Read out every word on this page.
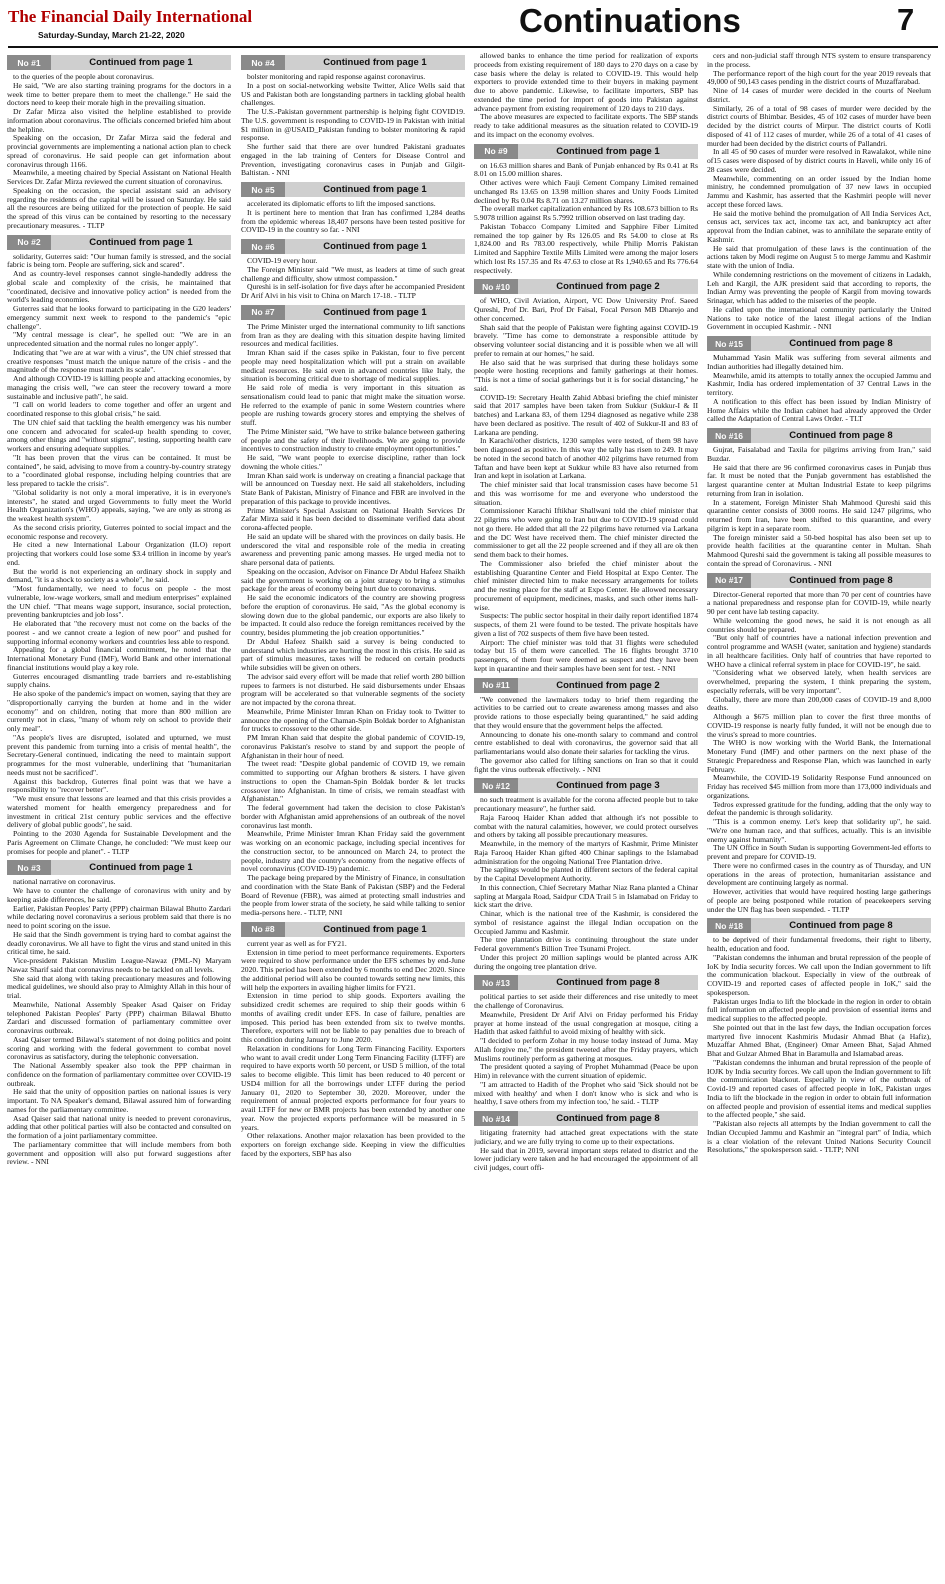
The Financial Daily International
Saturday-Sunday, March 21-22, 2020	Continuations	7
No #1	Continued from page 1

to the queries of the people about coronavirus.

He said, "We are also starting training programs for the doctors in a week time to better prepare them to meet the challenge." He said the doctors need to keep their morale high in the prevailing situation.

Dr Zafar Mirza also visited the helpline established to provide information about coronavirus. The officials concerned briefed him about the helpline.

Speaking on the occasion, Dr Zafar Mirza said the federal and provincial governments are implementing a national action plan to check spread of coronavirus. He said people can get information about coronavirus through 1166.

Meanwhile, a meeting chaired by Special Assistant on National Health Services Dr. Zafar Mirza reviewed the current situation of coronavirus.

Speaking on the occasion, the special assistant said an advisory regarding the residents of the capital will be issued on Saturday. He said all the resources are being utilized for the protection of people. He said the spread of this virus can be contained by resorting to the necessary precautionary measures. - TLTP

No #2	Continued from page 1

solidarity, Guterres said: "Our human family is stressed, and the social fabric is being torn. People are suffering, sick and scared".

And as country-level responses cannot single-handedly address the global scale and complexity of the crisis, he maintained that "coordinated, decisive and innovative policy action" is needed from the world's leading economies.

Guterres said that he looks forward to participating in the G20 leaders' emergency summit next week to respond to the pandemic's "epic challenge".

"My central message is clear", he spelled out: "We are in an unprecedented situation and the normal rules no longer apply".

Indicating that "we are at war with a virus", the UN chief stressed that creative responses "must match the unique nature of the crisis - and the magnitude of the response must match its scale".

And although COVID-19 is killing people and attacking economies, by managing the crisis well, "we can steer the recovery toward a more sustainable and inclusive path", he said.

"I call on world leaders to come together and offer an urgent and coordinated response to this global crisis," he said.

The UN chief said that tackling the health emergency was his number one concern and advocated for scaled-up health spending to cover, among other things and "without stigma", testing, supporting health care workers and ensuring adequate supplies.

"It has been proven that the virus can be contained. It must be contained", he said, advising to move from a country-by-country strategy to a "coordinated global response, including helping countries that are less prepared to tackle the crisis".

"Global solidarity is not only a moral imperative, it is in everyone's interests", he stated and urged Governments to fully meet the World Health Organization's (WHO) appeals, saying, "we are only as strong as the weakest health system".

As the second crisis priority, Guterres pointed to social impact and the economic response and recovery.

He cited a new International Labour Organization (ILO) report projecting that workers could lose some $3.4 trillion in income by year's end.

But the world is not experiencing an ordinary shock in supply and demand, "it is a shock to society as a whole", he said.

"Most fundamentally, we need to focus on people - the most vulnerable, low-wage workers, small and medium enterprises" explained the UN chief. "That means wage support, insurance, social protection, preventing bankruptcies and job loss".

He elaborated that "the recovery must not come on the backs of the poorest - and we cannot create a legion of new poor" and pushed for supporting informal economy workers and countries less able to respond.

Appealing for a global financial commitment, he noted that the International Monetary Fund (IMF), World Bank and other international financial institutions would play a key role.

Guterres encouraged dismantling trade barriers and re-establishing supply chains.

He also spoke of the pandemic's impact on women, saying that they are "disproportionally carrying the burden at home and in the wider economy" and on children, noting that more than 800 million are currently not in class, "many of whom rely on school to provide their only meal".

"As people's lives are disrupted, isolated and upturned, we must prevent this pandemic from turning into a crisis of mental health", the Secretary-General continued, indicating the need to maintain support programmes for the most vulnerable, underlining that "humanitarian needs must not be sacrificed".

Against this backdrop, Guterres final point was that we have a responsibility to "recover better".

"We must ensure that lessons are learned and that this crisis provides a watershed moment for health emergency preparedness and for investment in critical 21st century public services and the effective delivery of global public goods", he said.

Pointing to the 2030 Agenda for Sustainable Development and the Paris Agreement on Climate Change, he concluded: "We must keep our promises for people and planet". - TLTP

No #3	Continued from page 1

national narrative on coronavirus.

We have to counter the challenge of coronavirus with unity and by keeping aside differences, he said.

Earlier, Pakistan Peoples' Party (PPP) chairman Bilawal Bhutto Zardari while declaring novel coronavirus a serious problem said that there is no need to point scoring on the issue.

He said that the Sindh government is trying hard to combat against the deadly coronavirus. We all have to fight the virus and stand united in this critical time, he said.

Vice-president Pakistan Muslim League-Nawaz (PML-N) Maryam Nawaz Sharif said that coronavirus needs to be tackled on all levels.

She said that along with taking precautionary measures and following medical guidelines, we should also pray to Almighty Allah in this hour of trial.

Meanwhile, National Assembly Speaker Asad Qaiser on Friday telephoned Pakistan Peoples' Party (PPP) chairman Bilawal Bhutto Zardari and discussed formation of parliamentary committee over coronavirus outbreak.

Asad Qaiser termed Bilawal's statement of not doing politics and point scoring and working with the federal government to combat novel coronavirus as satisfactory, during the telephonic conversation.

The National Assembly speaker also took the PPP chairman in confidence on the formation of parliamentary committee over COVID-19 outbreak.

He said that the unity of opposition parties on national issues is very important. To NA Speaker's demand, Bilawal assured him of forwarding names for the parliamentary committee.

Asad Qaiser said that national unity is needed to prevent coronavirus, adding that other political parties will also be contacted and consulted on the formation of a joint parliamentary committee.

The parliamentary committee that will include members from both government and opposition will also put forward suggestions after review. - NNI

No #4	Continued from page 1

bolster monitoring and rapid response against coronavirus.

In a post on social-networking website Twitter, Alice Wells said that US and Pakistan both are longstanding partners in tackling global health challenges.

The U.S.-Pakistan government partnership is helping fight COVID19. The U.S. government is responding to COVID-19 in Pakistan with initial $1 million in @USAID_Pakistan funding to bolster monitoring & rapid response.

She further said that there are over hundred Pakistani graduates engaged in the lab training of Centers for Disease Control and Prevention, investigating coronavirus cases in Punjab and Gilgit-Baltistan. - NNI

No #5	Continued from page 1

accelerated its diplomatic efforts to lift the imposed sanctions.

It is pertinent here to mention that Iran has confirmed 1,284 deaths from the epidemic whereas 18,407 persons have been tested positive for COVID-19 in the country so far. - NNI

No #6	Continued from page 1

COVID-19 every hour.

The Foreign Minister said "We must, as leaders at time of such great challenge and difficulty, show utmost compassion."

Qureshi is in self-isolation for five days after he accompanied President Dr Arif Alvi in his visit to China on March 17-18. - TLTP

No #7	Continued from page 1

The Prime Minister urged the international community to lift sanctions from Iran as they are dealing with this situation despite having limited resources and medical facilities.

Imran Khan said if the cases spike in Pakistan, four to five percent people may need hospitalization which will put a strain on available medical resources. He said even in advanced countries like Italy, the situation is becoming critical due to shortage of medical supplies.

He said role of media is very important in this situation as sensationalism could lead to panic that might make the situation worse. He referred to the example of panic in some Western countries where people are rushing towards grocery stores and emptying the shelves of stuff.

The Prime Minister said, "We have to strike balance between gathering of people and the safety of their livelihoods. We are going to provide incentives to construction industry to create employment opportunities."

He said, "We want people to exercise discipline, rather than lock downing the whole cities."

Imran Khan said work is underway on creating a financial package that will be announced on Tuesday next. He said all stakeholders, including State Bank of Pakistan, Ministry of Finance and FBR are involved in the preparation of this package to provide incentives.

Prime Minister's Special Assistant on National Health Services Dr Zafar Mirza said it has been decided to disseminate verified data about corona-affected people.

He said an update will be shared with the provinces on daily basis. He underscored the vital and responsible role of the media in creating awareness and preventing panic among masses. He urged media not to share personal data of patients.

Speaking on the occasion, Advisor on Finance Dr Abdul Hafeez Shaikh said the government is working on a joint strategy to bring a stimulus package for the areas of economy being hurt due to coronavirus.

He said the economic indicators of the country are showing progress before the eruption of coronavirus. He said, "As the global economy is slowing down due to the global pandemic, our exports are also likely to be impacted. It could also reduce the foreign remittances received by the country, besides plummeting the job creation opportunities."

Dr Abdul Hafeez Shaikh said a survey is being conducted to understand which industries are hurting the most in this crisis. He said as part of stimulus measures, taxes will be reduced on certain products while subsidies will be given on others.

The advisor said every effort will be made that relief worth 280 billion rupees to farmers is not disturbed. He said disbursements under Ehsaas program will be accelerated so that vulnerable segments of the society are not impacted by the corona threat.

Meanwhile, Prime Minister Imran Khan on Friday took to Twitter to announce the opening of the Chaman-Spin Boldak border to Afghanistan for trucks to crossover to the other side.

PM Imran Khan said that despite the global pandemic of COVID-19, coronavirus Pakistan's resolve to stand by and support the people of Afghanistan in their hour of need.

The tweet read: "Despite global pandemic of COVID 19, we remain committed to supporting our Afghan brothers & sisters. I have given instructions to open the Chaman-Spin Boldak border & let trucks crossover into Afghanistan. In time of crisis, we remain steadfast with Afghanistan."

The federal government had taken the decision to close Pakistan's border with Afghanistan amid apprehensions of an outbreak of the novel coronavirus last month.

Meanwhile, Prime Minister Imran Khan Friday said the government was working on an economic package, including special incentives for the construction sector, to be announced on March 24, to protect the people, industry and the country's economy from the negative effects of novel coronavirus (COVID-19) pandemic.

The package being prepared by the Ministry of Finance, in consultation and coordination with the State Bank of Pakistan (SBP) and the Federal Board of Revenue (FBR), was aimed at protecting small industries and the people from lower strata of the society, he said while talking to senior media-persons here. - TLTP, NNI

No #8	Continued from page 1

current year as well as for FY21.

Extension in time period to meet performance requirements. Exporters were required to show performance under the EFS schemes by end-June 2020. This period has been extended by 6 months to end Dec 2020. Since the additional period will also be counted towards setting new limits, this will help the exporters in availing higher limits for FY21.

Extension in time period to ship goods. Exporters availing the subsidized credit schemes are required to ship their goods within 6 months of availing credit under EFS. In case of failure, penalties are imposed. This period has been extended from six to twelve months. Therefore, exporters will not be liable to pay penalties due to breach of this condition during January to June 2020.

Relaxation in conditions for Long Term Financing Facility. Exporters who want to avail credit under Long Term Financing Facility (LTFF) are required to have exports worth 50 percent, or USD 5 million, of the total sales to become eligible. This limit has been reduced to 40 percent or USD4 million for all the borrowings under LTFF during the period January 01, 2020 to September 30, 2020. Moreover, under the requirement of annual projected exports performance for four years to avail LTFF for new or BMR projects has been extended by another one year. Now the projected exports performance will be measured in 5 years.

Other relaxations. Another major relaxation has been provided to the exporters on foreign exchange side. Keeping in view the difficulties faced by the exporters, SBP has also

allowed banks to enhance the time period for realization of exports proceeds from existing requirement of 180 days to 270 days on a case by case basis where the delay is related to COVID-19. This would help exporters to provide extended time to their buyers in making payment due to above pandemic. Likewise, to facilitate importers, SBP has extended the time period for import of goods into Pakistan against advance payment from existing requirement of 120 days to 210 days.

The above measures are expected to facilitate exports. The SBP stands ready to take additional measures as the situation related to COVID-19 and its impact on the economy evolves.

No #9	Continued from page 1

on 16.63 million shares and Bank of Punjab enhanced by Rs 0.41 at Rs 8.01 on 15.00 million shares.

Other actives were which Fauji Cement Company Limited remained unchanged Rs 13.65 on 13.98 million shares and Unity Foods Limited declined by Rs 0.04 Rs 8.71 on 13.27 million shares.

The overall market capitalization enhanced by Rs 108.673 billion to Rs 5.9078 trillion against Rs 5.7992 trillion observed on last trading day.

Pakistan Tobacco Company Limited and Sapphire Fiber Limited remained the top gainer by Rs 126.05 and Rs 54.00 to close at Rs 1,824.00 and Rs 783.00 respectively, while Philip Morris Pakistan Limited and Sapphire Textile Mills Limited were among the major losers which lost Rs 157.35 and Rs 47.63 to close at Rs 1,940.65 and Rs 776.64 respectively.

No #10	Continued from page 2

of WHO, Civil Aviation, Airport, VC Dow University Prof. Saeed Qureshi, Prof Dr. Bari, Prof Dr Faisal, Focal Person MB Dharejo and other concerned.

Shah said that the people of Pakistan were fighting against COVID-19 bravely. "Time has come to demonstrate a responsible attitude by observing volunteer social distancing and it is possible when we all will prefer to remain at our homes," he said.

He also said that he was surprised that during these holidays some people were hosting receptions and family gatherings at their homes. "This is not a time of social gatherings but it is for social distancing," he said.

COVID-19: Secretary Health Zahid Abbasi briefing the chief minister said that 2017 samples have been taken from Sukkur (Sukkur-I & II batches) and Larkana 83, of them 1294 diagnosed as negative while 238 have been declared as positive. The result of 402 of Sukkur-II and 83 of Larkana are pending.

In Karachi/other districts, 1230 samples were tested, of them 98 have been diagnosed as positive. In this way the tally has risen to 249. It may be noted in the second batch of another 402 pilgrims have returned from Taftan and have been kept at Sukkur while 83 have also returned from Iran and kept in isolation at Larkana.

The chief minister said that local transmission cases have become 51 and this was worrisome for me and everyone who understood the situation.

Commissioner Karachi Iftikhar Shallwani told the chief minister that 22 pilgrims who were going to Iran but due to COVID-19 spread could not go there. He added that all the 22 pilgrims have returned via Larkana and the DC West have received them. The chief minister directed the commissioner to get all the 22 people screened and if they all are ok then send them back to their homes.

The Commissioner also briefed the chief minister about the establishing Quarantine Center and Field Hospital at Expo Center. The chief minister directed him to make necessary arrangements for toilets and the resting place for the staff at Expo Center. He allowed necessary procurement of equipment, medicines, masks, and such other items hall-wise.

Suspects: The public sector hospital in their daily report identified 1874 suspects, of them 21 were found to be tested. The private hospitals have given a list of 702 suspects of them five have been tested.

Airport: The chief minister was told that 31 flights were scheduled today but 15 of them were cancelled. The 16 flights brought 3710 passengers, of them four were deemed as suspect and they have been kept in quarantine and their samples have been sent for test. - NNI

No #11	Continued from page 2

"We convened the lawmakers today to brief them regarding the activities to be carried out to create awareness among masses and also provide rations to those especially being quarantined," he said adding that they would ensure that the government helps the affected.

Announcing to donate his one-month salary to command and control centre established to deal with coronavirus, the governor said that all parliamentarians would also donate their salaries for tackling the virus.

The governor also called for lifting sanctions on Iran so that it could fight the virus outbreak effectively. - NNI

No #12	Continued from page 3

no such treatment is available for the corona affected people but to take precautionary measure", he further said.

Raja Farooq Haider Khan added that although it's not possible to combat with the natural calamities, however, we could protect ourselves and others by taking all possible precautionary measures.

Meanwhile, in the memory of the martyrs of Kashmir, Prime Minister Raja Farooq Haider Khan gifted 400 Chinar saplings to the Islamabad administration for the ongoing National Tree Plantation drive.

The saplings would be planted in different sectors of the federal capital by the Capital Development Authority.

In this connection, Chief Secretary Mathar Niaz Rana planted a Chinar sapling at Margala Road, Saidpur CDA Trail 5 in Islamabad on Friday to kick start the drive.

Chinar, which is the national tree of the Kashmir, is considered the symbol of resistance against the illegal Indian occupation on the Occupied Jammu and Kashmir.

The tree plantation drive is continuing throughout the state under Federal government's Billion Tree Tsunami Project.

Under this project 20 million saplings would be planted across AJK during the ongoing tree plantation drive.

No #13	Continued from page 8

political parties to set aside their differences and rise unitedly to meet the challenge of Coronavirus.

Meanwhile, President Dr Arif Alvi on Friday performed his Friday prayer at home instead of the usual congregation at mosque, citing a Hadith that asked faithful to avoid mixing of healthy with sick.

"I decided to perform Zohar in my house today instead of Juma. May Allah forgive me," the president tweeted after the Friday prayers, which Muslims routinely perform as gathering at mosques.

The president quoted a saying of Prophet Muhammad (Peace be upon Him) in relevance with the current situation of epidemic.

"I am attracted to Hadith of the Prophet who said 'Sick should not be mixed with healthy' and when I don't know who is sick and who is healthy, I save others from my infection too,' he said. - TLTP

No #14	Continued from page 8

litigating fraternity had attached great expectations with the state judiciary, and we are fully trying to come up to their expectations.

He said that in 2019, several important steps related to district and the lower judiciary were taken and he had encouraged the appointment of all civil judges, court offi-

cers and non-judicial staff through NTS system to ensure transparency in the process.

The performance report of the high court for the year 2019 reveals that 49,000 of 90,143 cases pending in the district courts of Muzaffarabad.

Nine of 14 cases of murder were decided in the courts of Neelum district.

Similarly, 26 of a total of 98 cases of murder were decided by the district courts of Bhimbar. Besides, 45 of 102 cases of murder have been decided by the district courts of Mirpur. The district courts of Kotli disposed of 41 of 112 cases of murder, while 26 of a total of 41 cases of murder had been decided by the district courts of Pallandri.

In all 45 of 90 cases of murder were resolved in Rawalakot, while nine of15 cases were disposed of by district courts in Haveli, while only 16 of 28 cases were decided.

Meanwhile, commenting on an order issued by the Indian home ministry, he condemned promulgation of 37 new laws in occupied Jammu and Kashmir, has asserted that the Kashmiri people will never accept these forced laws.

He said the motive behind the promulgation of All India Services Act, census act, services tax act, income tax act, and bankruptcy act after approval from the Indian cabinet, was to annihilate the separate entity of Kashmir.

He said that promulgation of these laws is the continuation of the actions taken by Modi regime on August 5 to merge Jammu and Kashmir state with the union of India.

While condemning restrictions on the movement of citizens in Ladakh, Leh and Kargil, the AJK president said that according to reports, the Indian Army was preventing the people of Kargil from moving towards Srinagar, which has added to the miseries of the people.

He called upon the international community particularly the United Nations to take notice of the latest illegal actions of the Indian Government in occupied Kashmir. - NNI

No #15	Continued from page 8

Muhammad Yasin Malik was suffering from several ailments and Indian authorities had illegally detained him.

Meanwhile, amid its attempts to totally annex the occupied Jammu and Kashmir, India has ordered implementation of 37 Central Laws in the territory.

A notification to this effect has been issued by Indian Ministry of Home Affairs while the Indian cabinet had already approved the Order called the Adaptation of Central Laws Order. - TLT

No #16	Continued from page 8

Gujrat, Faisalabad and Taxila for pilgrims arriving from Iran," said Buzdar.

He said that there are 96 confirmed coronavirus cases in Punjab thus far. It must be noted that the Punjab government has established the largest quarantine center at Multan Industrial Estate to keep pilgrims returning from Iran in isolation.

In a statement, Foreign Minister Shah Mahmood Qureshi said this quarantine center consists of 3000 rooms. He said 1247 pilgrims, who returned from Iran, have been shifted to this quarantine, and every pilgrim is kept in a separate room.

The foreign minister said a 50-bed hospital has also been set up to provide health facilities at the quarantine center in Multan. Shah Mahmood Qureshi said the government is taking all possible measures to contain the spread of Coronavirus. - NNI

No #17	Continued from page 8

Director-General reported that more than 70 per cent of countries have a national preparedness and response plan for COVID-19, while nearly 90 per cent have lab testing capacity.

While welcoming the good news, he said it is not enough as all countries should be prepared.

"But only half of countries have a national infection prevention and control programme and WASH (water, sanitation and hygiene) standards in all healthcare facilities. Only half of countries that have reported to WHO have a clinical referral system in place for COVID-19", he said.

"Considering what we observed lately, when health services are overwhelmed, preparing the system, I think preparing the system, especially referrals, will be very important".

Globally, there are more than 200,000 cases of COVID-19 and 8,000 deaths.

Although a $675 million plan to cover the first three months of COVID-19 response is nearly fully funded, it will not be enough due to the virus's spread to more countries.

The WHO is now working with the World Bank, the International Monetary Fund (IMF) and other partners on the next phase of the Strategic Preparedness and Response Plan, which was launched in early February.

Meanwhile, the COVID-19 Solidarity Response Fund announced on Friday has received $45 million from more than 173,000 individuals and organizations.

Tedros expressed gratitude for the funding, adding that the only way to defeat the pandemic is through solidarity.

"This is a common enemy. Let's keep that solidarity up", he said. "We're one human race, and that suffices, actually. This is an invisible enemy against humanity".

The UN Office in South Sudan is supporting Government-led efforts to prevent and prepare for COVID-19.

There were no confirmed cases in the country as of Thursday, and UN operations in the areas of protection, humanitarian assistance and development are continuing largely as normal.

However, activities that would have required hosting large gatherings of people are being postponed while rotation of peacekeepers serving under the UN flag has been suspended. - TLTP

No #18	Continued from page 8

to be deprived of their fundamental freedoms, their right to liberty, health, education and food.

"Pakistan condemns the inhuman and brutal repression of the people of IoK by India security forces. We call upon the Indian government to lift the communication blackout. Especially in view of the outbreak of COVID-19 and reported cases of affected people in IoK," said the spokesperson.

Pakistan urges India to lift the blockade in the region in order to obtain full information on affected people and provision of essential items and medical supplies to the affected people.

She pointed out that in the last few days, the Indian occupation forces martyred five innocent Kashmiris Mudasir Ahmad Bhat (a Hafiz), Muzaffar Ahmed Bhat, (Engineer) Omar Ameen Bhat, Sajad Ahmed Bhat and Gulzar Ahmed Bhat in Baramulla and Islamabad areas.

"Pakistan condemns the inhuman and brutal repression of the people of IOJK by India security forces. We call upon the Indian government to lift the communication blackout. Especially in view of the outbreak of Covid-19 and reported cases of affected people in IoK, Pakistan urges India to lift the blockade in the region in order to obtain full information on affected people and provision of essential items and medical supplies to the affected people," she said.

"Pakistan also rejects all attempts by the Indian government to call the Indian Occupied Jammu and Kashmir an "integral part" of India, which is a clear violation of the relevant United Nations Security Council Resolutions," the spokesperson said. - TLTP; NNI
